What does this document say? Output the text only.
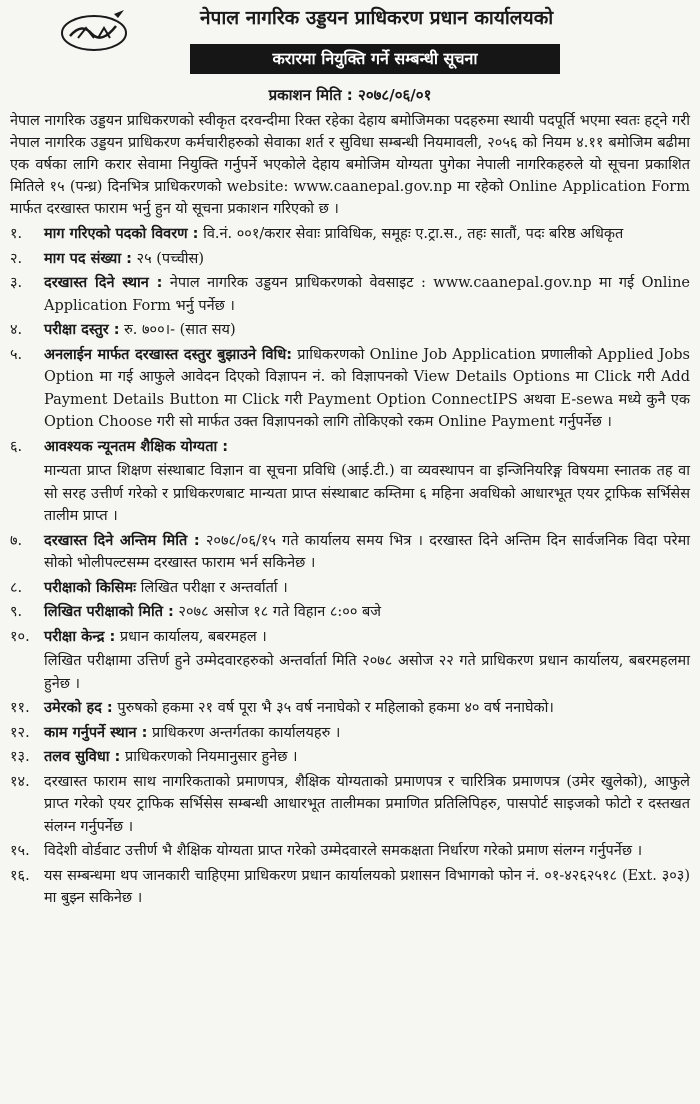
नेपाल नागरिक उड्डयन प्राधिकरण प्रधान कार्यालयको
करारमा नियुक्ति गर्ने सम्बन्धी सूचना
प्रकाशन मिति : २०७८/०६/०१
नेपाल नागरिक उड्डयन प्राधिकरणको स्वीकृत दरवन्दीमा रिक्त रहेका देहाय बमोजिमका पदहरुमा स्थायी पदपूर्ति भएमा स्वतः हट्ने गरी नेपाल नागरिक उड्डयन प्राधिकरण कर्मचारीहरुको सेवाका शर्त र सुविधा सम्बन्धी नियमावली, २०५६ को नियम ४.११ बमोजिम बढीमा एक वर्षका लागि करार सेवामा नियुक्ति गर्नुपर्ने भएकोले देहाय बमोजिम योग्यता पुगेका नेपाली नागरिकहरुले यो सूचना प्रकाशित मितिले १५ (पन्ध्र) दिनभित्र प्राधिकरणको website: www.caanepal.gov.np मा रहेको Online Application Form मार्फत दरखास्त फाराम भर्नु हुन यो सूचना प्रकाशन गरिएको छ ।
१.	माग गरिएको पदको विवरण : वि.नं. ००१/करार सेवाः प्राविधिक, समूहः ए.ट्रा.स., तहः सातौं, पदः बरिष्ठ अधिकृत
२.	माग पद संख्या : २५ (पच्चीस)
३.	दरखास्त दिने स्थान : नेपाल नागरिक उड्डयन प्राधिकरणको वेवसाइट : www.caanepal.gov.np मा गई Online Application Form भर्नु पर्नेछ ।
४.	परीक्षा दस्तुर : रु. ७००।- (सात सय)
५.	अनलाईन मार्फत दरखास्त दस्तुर बुझाउने विधि: प्राधिकरणको Online Job Application प्रणालीको Applied Jobs Option मा गई आफुले आवेदन दिएको विज्ञापन नं. को विज्ञापनको View Details Options मा Click गरी Add Payment Details Button मा Click गरी Payment Option ConnectIPS अथवा E-sewa मध्ये कुनै एक Option Choose गरी सो मार्फत उक्त विज्ञापनको लागि तोकिएको रकम Online Payment गर्नुपर्नेछ ।
६.	आवश्यक न्यूनतम शैक्षिक योग्यता :
मान्यता प्राप्त शिक्षण संस्थाबाट विज्ञान वा सूचना प्रविधि (आई.टी.) वा व्यवस्थापन वा इन्जिनियरिङ्ग विषयमा स्नातक तह वा सो सरह उत्तीर्ण गरेको र प्राधिकरणबाट मान्यता प्राप्त संस्थाबाट कम्तिमा ६ महिना अवधिको आधारभूत एयर ट्राफिक सर्भिसेस तालीम प्राप्त ।
७.	दरखास्त दिने अन्तिम मिति : २०७८/०६/१५ गते कार्यालय समय भित्र । दरखास्त दिने अन्तिम दिन सार्वजनिक विदा परेमा सोको भोलीपल्टसम्म दरखास्त फाराम भर्न सकिनेछ ।
८.	परीक्षाको किसिमः लिखित परीक्षा र अन्तर्वार्ता ।
९.	लिखित परीक्षाको मिति : २०७८ असोज १८ गते विहान ८:०० बजे
१०. परीक्षा केन्द्र : प्रधान कार्यालय, बबरमहल ।
लिखित परीक्षामा उत्तिर्ण हुने उम्मेदवारहरुको अन्तर्वार्ता मिति २०७८ असोज २२ गते प्राधिकरण प्रधान कार्यालय, बबरमहलमा हुनेछ ।
११. उमेरको हद : पुरुषको हकमा २१ वर्ष पूरा भै ३५ वर्ष ननाघेको र महिलाको हकमा ४० वर्ष ननाघेको।
१२. काम गर्नुपर्ने स्थान : प्राधिकरण अन्तर्गतका कार्यालयहरु ।
१३. तलव सुविधा : प्राधिकरणको नियमानुसार हुनेछ ।
१४. दरखास्त फाराम साथ नागरिकताको प्रमाणपत्र, शैक्षिक योग्यताको प्रमाणपत्र र चारित्रिक प्रमाणपत्र (उमेर खुलेको), आफुले प्राप्त गरेको एयर ट्राफिक सर्भिसेस सम्बन्धी आधारभूत तालीमका प्रमाणित प्रतिलिपिहरु, पासपोर्ट साइजको फोटो र दस्तखत संलग्न गर्नुपर्नेछ ।
१५. विदेशी वोर्डवाट उत्तीर्ण भै शैक्षिक योग्यता प्राप्त गरेको उम्मेदवारले समकक्षता निर्धारण गरेको प्रमाण संलग्न गर्नुपर्नेछ ।
१६. यस सम्बन्धमा थप जानकारी चाहिएमा प्राधिकरण प्रधान कार्यालयको प्रशासन विभागको फोन नं. ०१-४२६२५१८ (Ext. ३०३) मा बुझ्न सकिनेछ ।
